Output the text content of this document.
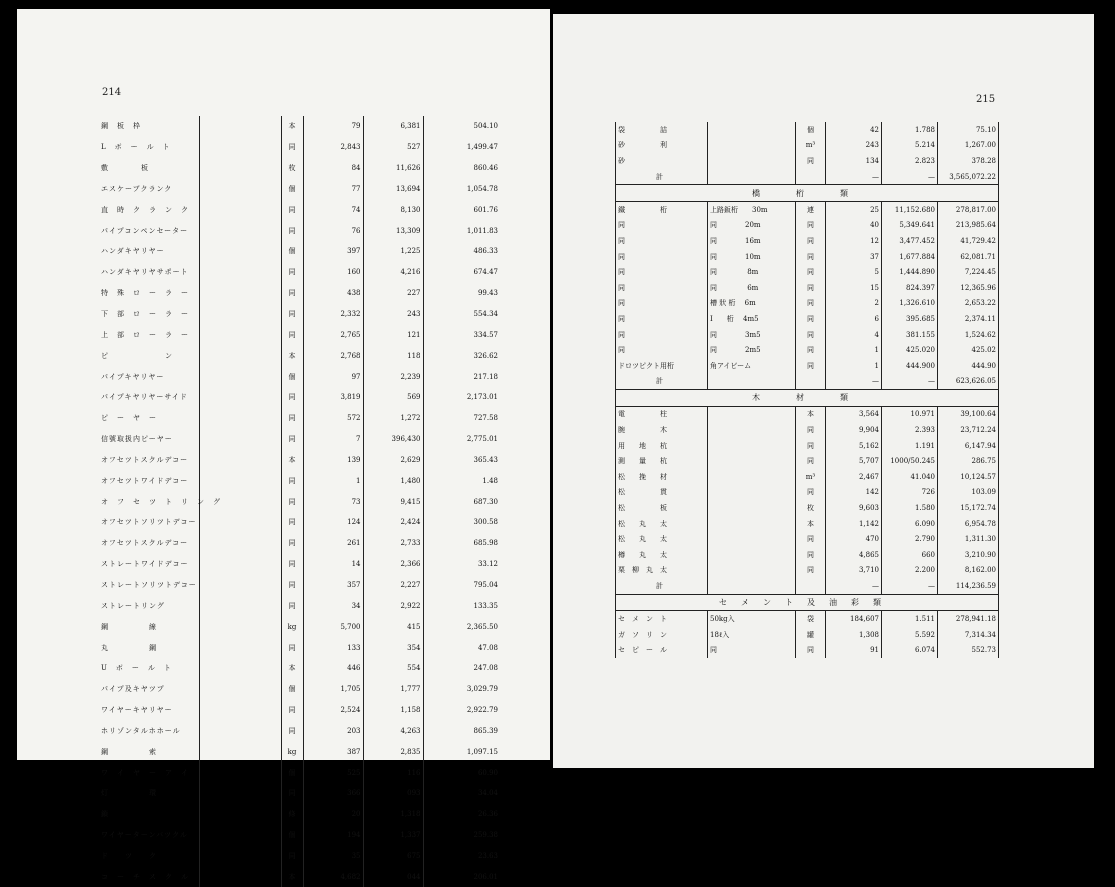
214
鋼　板　枠		本	79	6,381	504.10
L　ボ　ー　ル　ト		同	2,843	527	1,499.47
敷　　　　板		枚	84	11,626	860.46
エスケーブクランク		個	77	13,694	1,054.78
直　時　ク　ラ　ン　ク		同	74	8,130	601.76
パイプコンペンセーター		同	76	13,309	1,011.83
ハンダキヤリヤー		個	397	1,225	486.33
ハンダキヤリヤサポート		同	160	4,216	674.47
特　殊　ロ　ー　ラ　ー		同	438	227	99.43
下　部　ロ　ー　ラ　ー		同	2,332	243	554.34
上　部　ロ　ー　ラ　ー		同	2,765	121	334.57
ピ　　　　　　　ン		本	2,768	118	326.62
パイプキヤリヤー		個	97	2,239	217.18
パイプキヤリヤーサイド		同	3,819	569	2,173.01
ピ　ー　ヤ　ー		同	572	1,272	727.58
信號取扱内ピーヤー		同	7	396,430	2,775.01
オフセツトスクルデコー		本	139	2,629	365.43
オフセツトワイドデコー		同	1	1,480	1.48
オ　フ　セ　ツ　ト　リ　ン　グ		同	73	9,415	687.30
オフセツトソリツトデコー		同	124	2,424	300.58
オフセツトスクルデコー		同	261	2,733	685.98
ストレートワイドデコー		同	14	2,366	33.12
ストレートソリツトデコー		同	357	2,227	795.04
ストレートリング		同	34	2,922	133.35
鋼　　　　　線		kg	5,700	415	2,365.50
丸　　　　　鋼		同	133	354	47.08
U　ボ　ー　ル　ト		本	446	554	247.08
パイプ及キヤツプ		個	1,705	1,777	3,029.79
ワイヤーキヤリヤー		同	2,524	1,158	2,922.79
ホリゾンタルホホール		同	203	4,263	865.39
鋼　　　　　索		kg	387	2,835	1,097.15
ワ　イ　ヤ　ー　ア　イ		個	525	116	60.90
灯　　　　　環		同	366	093	34.04
鎖		條	20	1,318	26.36
ワイヤーターンバツクル		個	194	1,337	259.38
ド　　ツ　　ク		同	35	675	23.63
コ　ー　チ　ス　ク　ル		本	4,682	044	206.01
215
袋　　　　　詰		個	42	1.788	75.10
砂　　　　　利		m³	243	5.214	1,267.00
砂		同	134	2.823	378.28
計			—	—	3,565,072.22
橋　桁　類					
鐵　　　　　桁	上路鈑桁　　30m	連	25	11,152.680	278,817.00
同	同　　　　20m	同	40	5,349.641	213,985.64
同	同　　　　16m	同	12	3,477.452	41,729.42
同	同　　　　10m	同	37	1,677.884	62,081.71
同	同　　　　 8m	同	5	1,444.890	7,224.45
同	同　　　　 6m	同	15	824.397	12,365.96
同	槽 狀 桁　 6m	同	2	1,326.610	2,653.22
同	I　　桁　 4m5	同	6	395.685	2,374.11
同	同　　　　3m5	同	4	381.155	1,524.62
同	同　　　　2m5	同	1	425.020	425.02
ドロツピクト用桁	角アイビーム	同	1	444.900	444.90
計			—	—	623,626.05
木　材　類					
電　　　　　柱		本	3,564	10.971	39,100.64
腕　　　　　木		同	9,904	2.393	23,712.24
用　　地　　杭		同	5,162	1.191	6,147.94
測　　量　　杭		同	5,707	1000/50.245	286.75
松　　挽　　材		m³	2,467	41.040	10,124.57
松　　　　　貫		同	142	726	103.09
松　　　　　板		枚	9,603	1.580	15,172.74
松　　丸　　太		本	1,142	6.090	6,954.78
松　　丸　　太		同	470	2.790	1,311.30
樽　　丸　　太		同	4,865	660	3,210.90
栗　柳　丸　太		同	3,710	2.200	8,162.00
計			—	—	114,236.59
セメント及油彩類					
セ　メ　ン　ト	50kg入	袋	184,607	1.511	278,941.18
ガ　ソ　リ　ン	18ℓ入	罐	1,308	5.592	7,314.34
セ　ピ　ー　ル	同	同	91	6.074	552.73
